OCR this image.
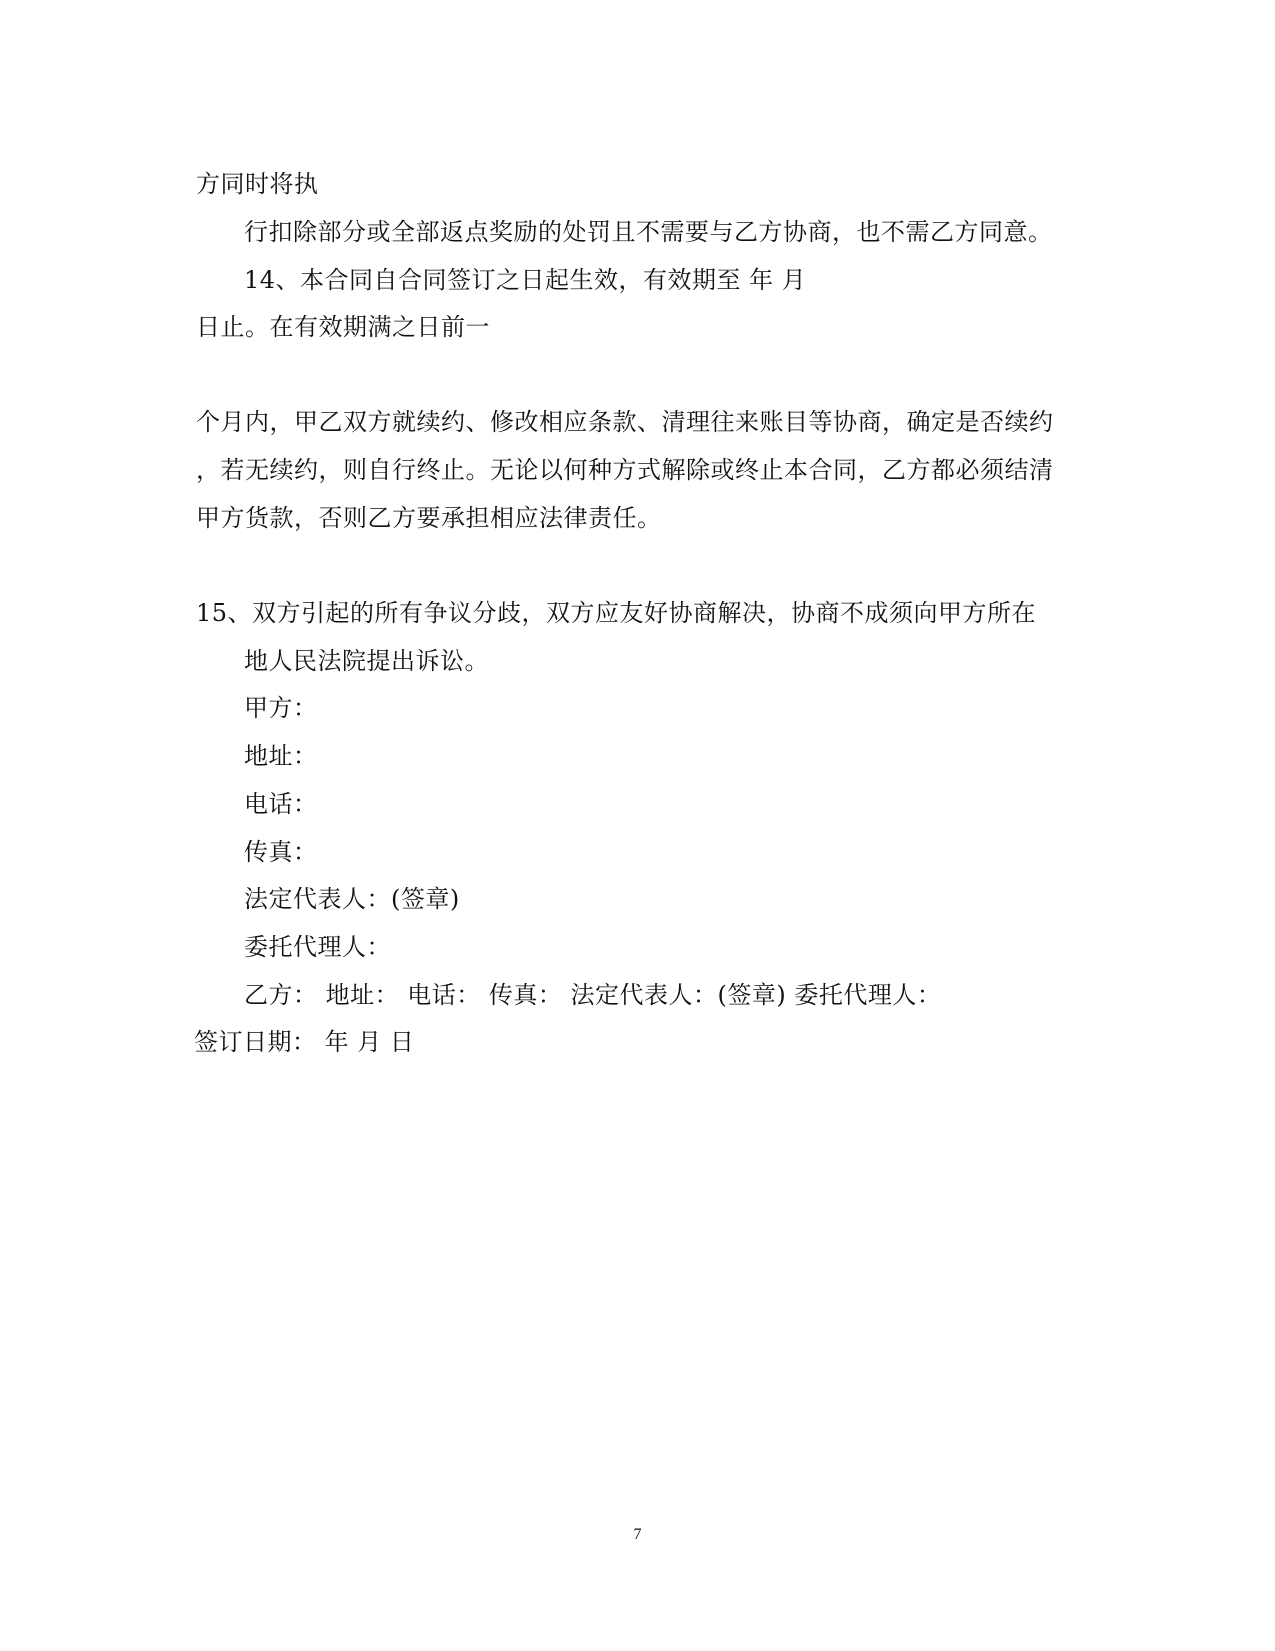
方同时将执
行扣除部分或全部返点奖励的处罚且不需要与乙方协商，也不需乙方同意。
14、本合同自合同签订之日起生效，有效期至 年 月
日止。在有效期满之日前一
个月内，甲乙双方就续约、修改相应条款、清理往来账目等协商，确定是否续约
，若无续约，则自行终止。无论以何种方式解除或终止本合同，乙方都必须结清
甲方货款，否则乙方要承担相应法律责任。
15、双方引起的所有争议分歧，双方应友好协商解决，协商不成须向甲方所在
地人民法院提出诉讼。
甲方：
地址：
电话：
传真：
法定代表人：(签章)
委托代理人：
乙方： 地址： 电话： 传真： 法定代表人：(签章) 委托代理人：
签订日期： 年 月 日
7
